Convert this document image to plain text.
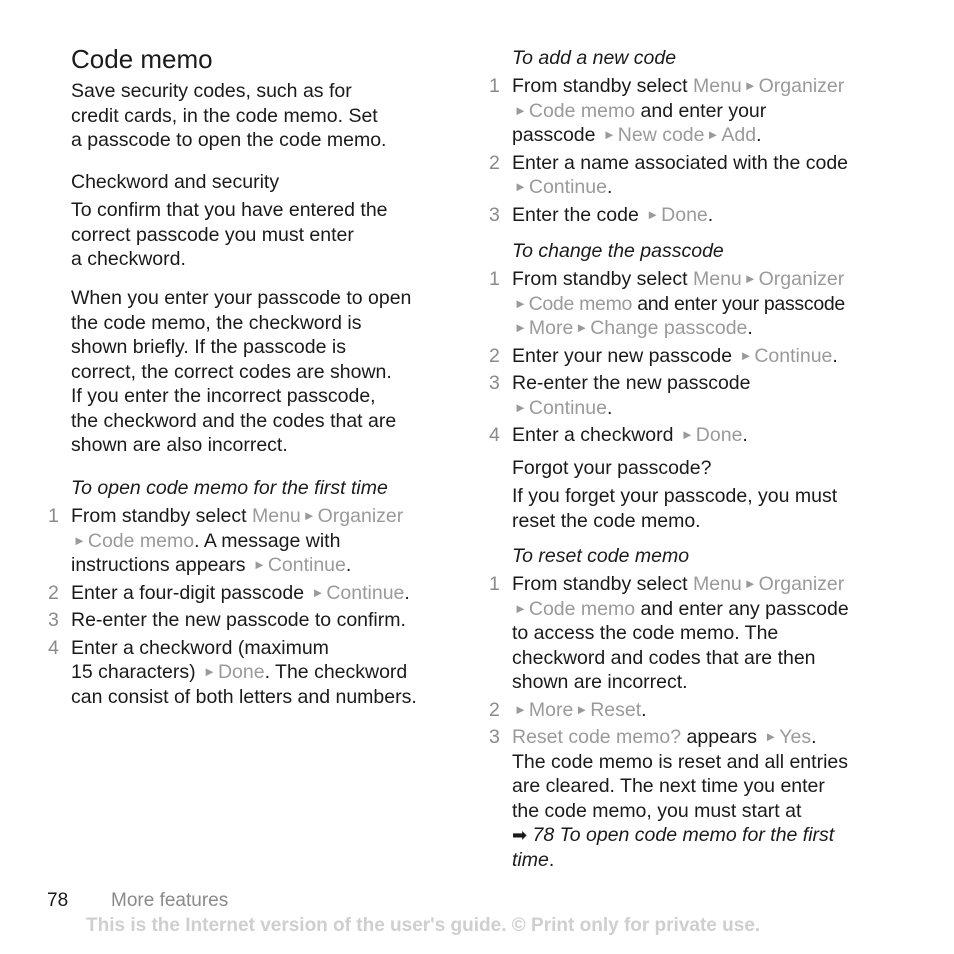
Code memo

Save security codes, such as for
credit cards, in the code memo. Set
a passcode to open the code memo.

Checkword and security

To confirm that you have entered the
correct passcode you must enter
a checkword.

When you enter your passcode to open
the code memo, the checkword is
shown briefly. If the passcode is
correct, the correct codes are shown.
If you enter the incorrect passcode,
the checkword and the codes that are
shown are also incorrect.

To open code memo for the first time

1 From standby select Menu ► Organizer
► Code memo. A message with
instructions appears ► Continue.
2 Enter a four-digit passcode ► Continue.
3 Re-enter the new passcode to confirm.
4 Enter a checkword (maximum
15 characters) ► Done. The checkword
can consist of both letters and numbers.

To add a new code

1 From standby select Menu ► Organizer
► Code memo and enter your
passcode ► New code ► Add.
2 Enter a name associated with the code
► Continue.
3 Enter the code ► Done.

To change the passcode

1 From standby select Menu ► Organizer
► Code memo and enter your passcode
► More ► Change passcode.
2 Enter your new passcode ► Continue.
3 Re-enter the new passcode
► Continue.
4 Enter a checkword ► Done.
Forgot your passcode?

If you forget your passcode, you must
reset the code memo.

To reset code memo

1 From standby select Menu ► Organizer
► Code memo and enter any passcode
to access the code memo. The
checkword and codes that are then
shown are incorrect.
2 ► More ► Reset.
3 Reset code memo? appears ► Yes.
The code memo is reset and all entries
are cleared. The next time you enter
the code memo, you must start at
➡ 78 To open code memo for the first
time.
78 More features
This is the Internet version of the user's guide. © Print only for private use.
